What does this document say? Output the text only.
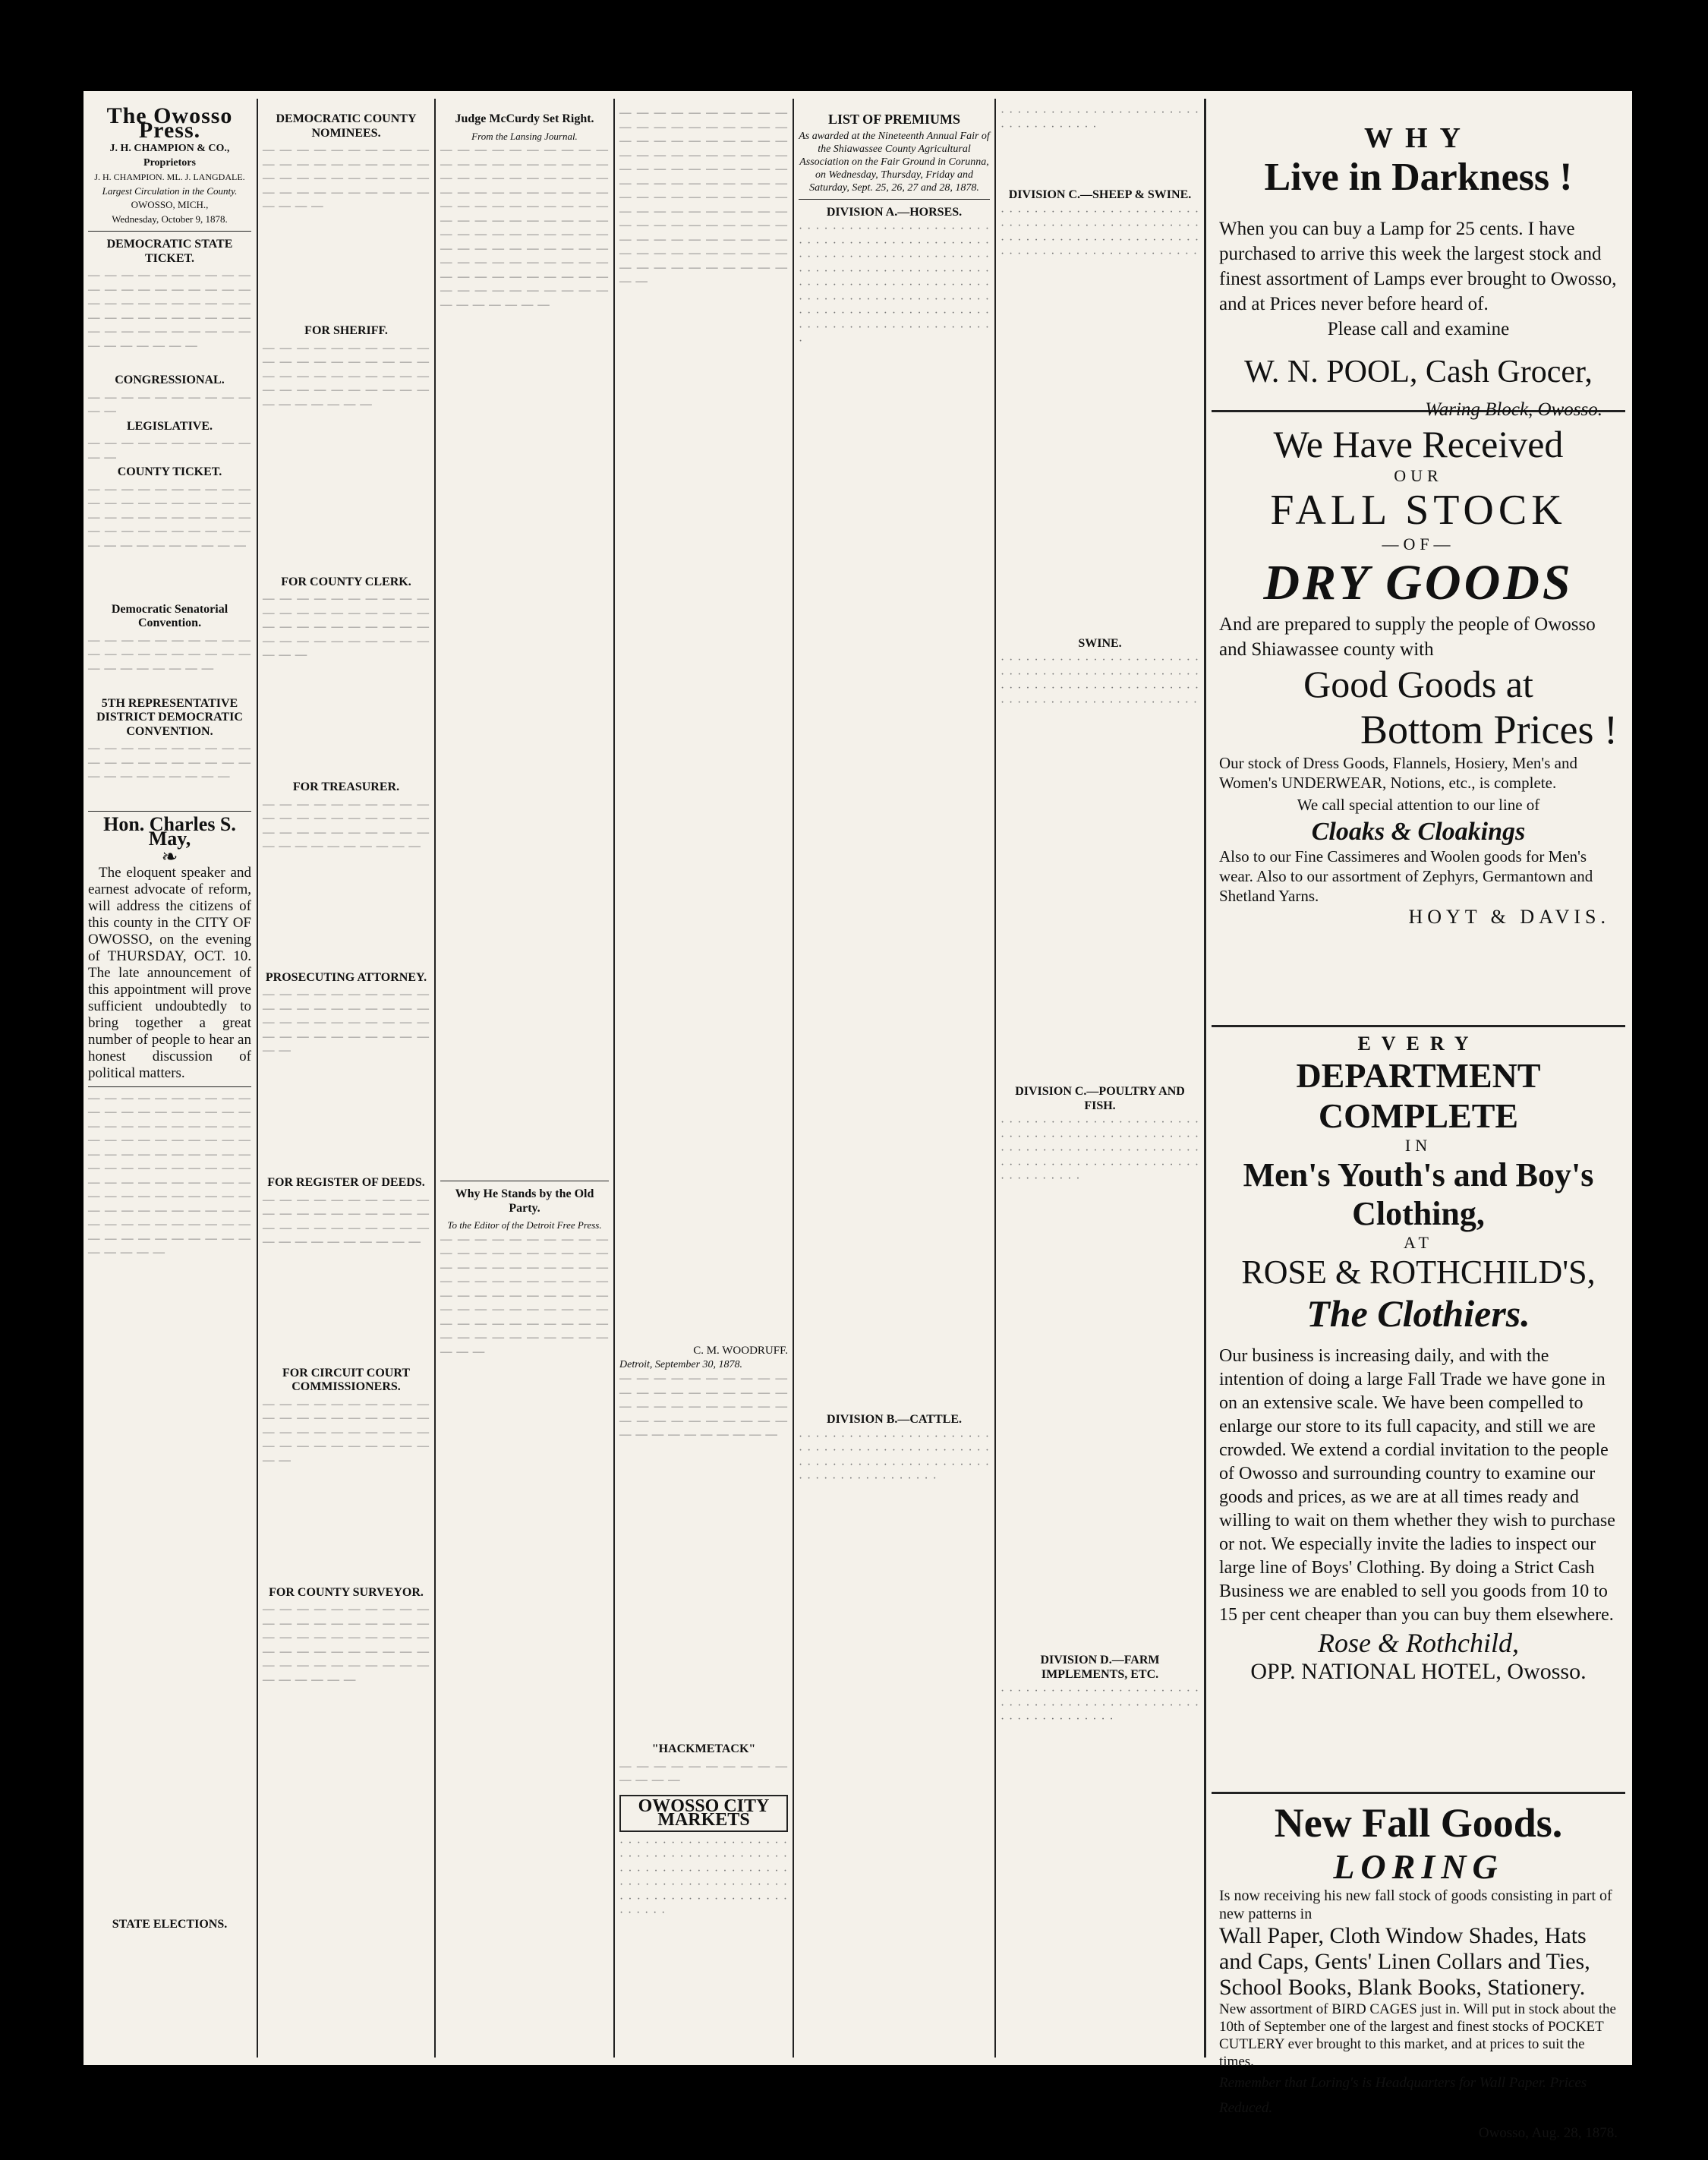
The Owosso Press.
J. H. CHAMPION & CO., Proprietors
J. H. CHAMPION. ML. J. LANGDALE.
Largest Circulation in the County.
OWOSSO, MICH.,
Wednesday, October 9, 1878.
DEMOCRATIC STATE TICKET.
— — — — — — — — — — — — — — — — — — — — — — — — — — — — — — — — — — — — — — — — — — — — — — — — — — — — — — — — —
CONGRESSIONAL.
— — — — — — — — — — — —
LEGISLATIVE.
— — — — — — — — — — — —
COUNTY TICKET.
— — — — — — — — — — — — — — — — — — — — — — — — — — — — — — — — — — — — — — — — — — — — — — — — — —
Democratic Senatorial Convention.
— — — — — — — — — — — — — — — — — — — — — — — — — — — —
5TH REPRESENTATIVE DISTRICT DEMOCRATIC CONVENTION.
— — — — — — — — — — — — — — — — — — — — — — — — — — — — —
Hon. Charles S. May,
❧
The eloquent speaker and earnest advocate of reform, will address the citizens of this county in the CITY OF OWOSSO, on the evening of THURSDAY, OCT. 10. The late announcement of this appointment will prove sufficient undoubtedly to bring together a great number of people to hear an honest discussion of political matters.
— — — — — — — — — — — — — — — — — — — — — — — — — — — — — — — — — — — — — — — — — — — — — — — — — — — — — — — — — — — — — — — — — — — — — — — — — — — — — — — — — — — — — — — — — — — — — — — — — — — — — — — — — — — — — — — — — — —
STATE ELECTIONS.
DEMOCRATIC COUNTY NOMINEES.
— — — — — — — — — — — — — — — — — — — — — — — — — — — — — — — — — — — — — — — — — — — —
FOR SHERIFF.
— — — — — — — — — — — — — — — — — — — — — — — — — — — — — — — — — — — — — — — — — — — — — — —
FOR COUNTY CLERK.
— — — — — — — — — — — — — — — — — — — — — — — — — — — — — — — — — — — — — — — — — — —
FOR TREASURER.
— — — — — — — — — — — — — — — — — — — — — — — — — — — — — — — — — — — — — — — —
PROSECUTING ATTORNEY.
— — — — — — — — — — — — — — — — — — — — — — — — — — — — — — — — — — — — — — — — — —
FOR REGISTER OF DEEDS.
— — — — — — — — — — — — — — — — — — — — — — — — — — — — — — — — — — — — — — — —
FOR CIRCUIT COURT COMMISSIONERS.
— — — — — — — — — — — — — — — — — — — — — — — — — — — — — — — — — — — — — — — — — —
FOR COUNTY SURVEYOR.
— — — — — — — — — — — — — — — — — — — — — — — — — — — — — — — — — — — — — — — — — — — — — — — — — — — — — — — —
Judge McCurdy Set Right.
From the Lansing Journal.
— — — — — — — — — — — — — — — — — — — — — — — — — — — — — — — — — — — — — — — — — — — — — — — — — — — — — — — — — — — — — — — — — — — — — — — — — — — — — — — — — — — — — — — — — — — — — — — — — — — — — — — — — — — — — — — — — — — — —
Why He Stands by the Old Party.
To the Editor of the Detroit Free Press.
— — — — — — — — — — — — — — — — — — — — — — — — — — — — — — — — — — — — — — — — — — — — — — — — — — — — — — — — — — — — — — — — — — — — — — — — — — — — — — — — — — —
— — — — — — — — — — — — — — — — — — — — — — — — — — — — — — — — — — — — — — — — — — — — — — — — — — — — — — — — — — — — — — — — — — — — — — — — — — — — — — — — — — — — — — — — — — — — — — — — — — — — — — — — — — — — — — — — — — — — — — — — — —
C. M. WOODRUFF.
Detroit, September 30, 1878.
— — — — — — — — — — — — — — — — — — — — — — — — — — — — — — — — — — — — — — — — — — — — — — — — — —
"HACKMETACK"
— — — — — — — — — — — — — —
OWOSSO CITY MARKETS
· · · · · · · · · · · · · · · · · · · · · · · · · · · · · · · · · · · · · · · · · · · · · · · · · · · · · · · · · · · · · · · · · · · · · · · · · · · · · · · · · · · · · · · · · · · · · · · · · · · · · · · · · ·
LIST OF PREMIUMS
As awarded at the Nineteenth Annual Fair of the Shiawassee County Agricultural Association on the Fair Ground in Corunna, on Wednesday, Thursday, Friday and Saturday, Sept. 25, 26, 27 and 28, 1878.
DIVISION A.—HORSES.
· · · · · · · · · · · · · · · · · · · · · · · · · · · · · · · · · · · · · · · · · · · · · · · · · · · · · · · · · · · · · · · · · · · · · · · · · · · · · · · · · · · · · · · · · · · · · · · · · · · · · · · · · · · · · · · · · · · · · · · · · · · · · · · · · · · · · · · · · · · · · · · · · · · · · · · · · · · · · · · · · · · · · · · · · · · · · · · · · · · · · · · · ·
DIVISION B.—CATTLE.
· · · · · · · · · · · · · · · · · · · · · · · · · · · · · · · · · · · · · · · · · · · · · · · · · · · · · · · · · · · · · · · · · · · · · · · · · · · · · · · · · · · · · ·
· · · · · · · · · · · · · · · · · · · · · · · · · · · · · · · · · · · ·
DIVISION C.—SHEEP & SWINE.
· · · · · · · · · · · · · · · · · · · · · · · · · · · · · · · · · · · · · · · · · · · · · · · · · · · · · · · · · · · · · · · · · · · · · · · · · · · · · · · · · · · · · · · · · · · · · · · ·
SWINE.
· · · · · · · · · · · · · · · · · · · · · · · · · · · · · · · · · · · · · · · · · · · · · · · · · · · · · · · · · · · · · · · · · · · · · · · · · · · · · · · · · · · · · · · · · · · · · · · ·
DIVISION C.—POULTRY AND FISH.
· · · · · · · · · · · · · · · · · · · · · · · · · · · · · · · · · · · · · · · · · · · · · · · · · · · · · · · · · · · · · · · · · · · · · · · · · · · · · · · · · · · · · · · · · · · · · · · · · · · · · · · · · ·
DIVISION D.—FARM IMPLEMENTS, ETC.
· · · · · · · · · · · · · · · · · · · · · · · · · · · · · · · · · · · · · · · · · · · · · · · · · · · · · · · · · · · · · ·
WHY
Live in Darkness !
When you can buy a Lamp for 25 cents. I have purchased to arrive this week the largest stock and finest assortment of Lamps ever brought to Owosso, and at Prices never before heard of.
Please call and examine
W. N. POOL, Cash Grocer,
Waring Block, Owosso.
We Have Received
OUR
FALL STOCK
—OF—
DRY GOODS
And are prepared to supply the people of Owosso and Shiawassee county with
Good Goods at
Bottom Prices !
Our stock of Dress Goods, Flannels, Hosiery, Men's and Women's UNDERWEAR, Notions, etc., is complete.
We call special attention to our line of
Cloaks & Cloakings
Also to our Fine Cassimeres and Woolen goods for Men's wear. Also to our assortment of Zephyrs, Germantown and Shetland Yarns.
HOYT & DAVIS.
EVERY
DEPARTMENT COMPLETE
IN
Men's Youth's and Boy's Clothing,
AT
ROSE & ROTHCHILD'S,
The Clothiers.
Our business is increasing daily, and with the intention of doing a large Fall Trade we have gone in on an extensive scale. We have been compelled to enlarge our store to its full capacity, and still we are crowded. We extend a cordial invitation to the people of Owosso and surrounding country to examine our goods and prices, as we are at all times ready and willing to wait on them whether they wish to purchase or not. We especially invite the ladies to inspect our large line of Boys' Clothing. By doing a Strict Cash Business we are enabled to sell you goods from 10 to 15 per cent cheaper than you can buy them elsewhere.
Rose & Rothchild,
OPP. NATIONAL HOTEL, Owosso.
New Fall Goods.
LORING
Is now receiving his new fall stock of goods consisting in part of new patterns in
Wall Paper, Cloth Window Shades, Hats and Caps, Gents' Linen Collars and Ties, School Books, Blank Books, Stationery.
New assortment of BIRD CAGES just in. Will put in stock about the 10th of September one of the largest and finest stocks of POCKET CUTLERY ever brought to this market, and at prices to suit the times.
Remember that Loring's is Headquarters for Wall Paper. Prices Reduced.
Owosso, Aug. 28, 1878.
